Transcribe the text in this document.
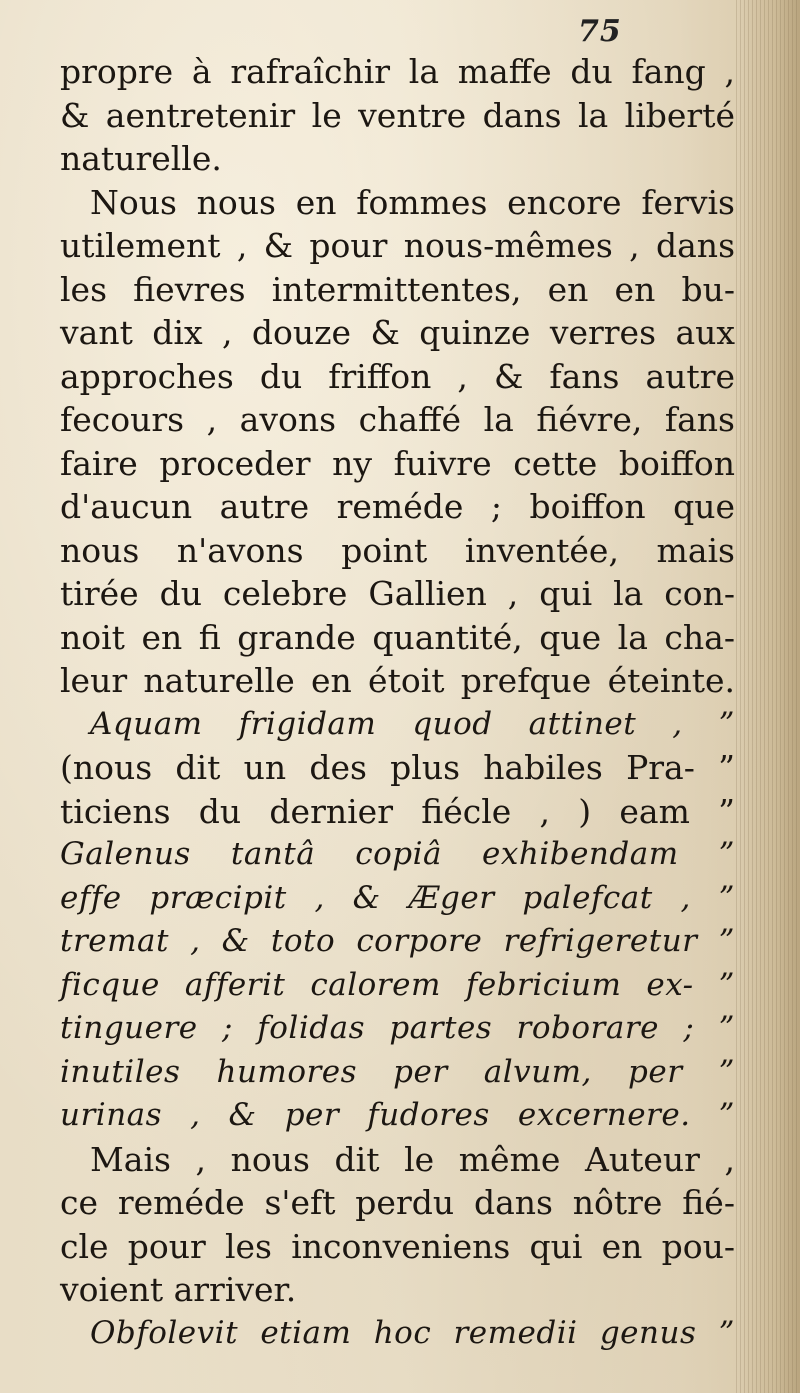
75
propre à rafraîchir la maffe du fang ,
& aentretenir le ventre dans la liberté
naturelle.
Nous nous en fommes encore fervis
utilement , & pour nous-mêmes , dans
les fievres intermittentes, en en bu-
vant dix , douze & quinze verres aux
approches du friffon , & fans autre
fecours , avons chaffé la fiévre, fans
faire proceder ny fuivre cette boiffon
d'aucun autre reméde ; boiffon que
nous n'avons point inventée, mais
tirée du celebre Gallien , qui la con-
noit en fi grande quantité, que la cha-
leur naturelle en étoit prefque éteinte.
Aquam frigidam quod attinet , ”
(nous dit un des plus habiles Pra- ”
ticiens du dernier fiécle , ) eam ”
Galenus tantâ copiâ exhibendam ”
effe præcipit , & Æger palefcat , ”
tremat , & toto corpore refrigeretur ”
ficque afferit calorem febricium ex- ”
tinguere ; folidas partes roborare ; ”
inutiles humores per alvum, per ”
urinas , & per fudores excernere. ”
Mais , nous dit le même Auteur ,
ce reméde s'eft perdu dans nôtre fié-
cle pour les inconveniens qui en pou-
voient arriver.
Obfolevit etiam hoc remedii genus ”
